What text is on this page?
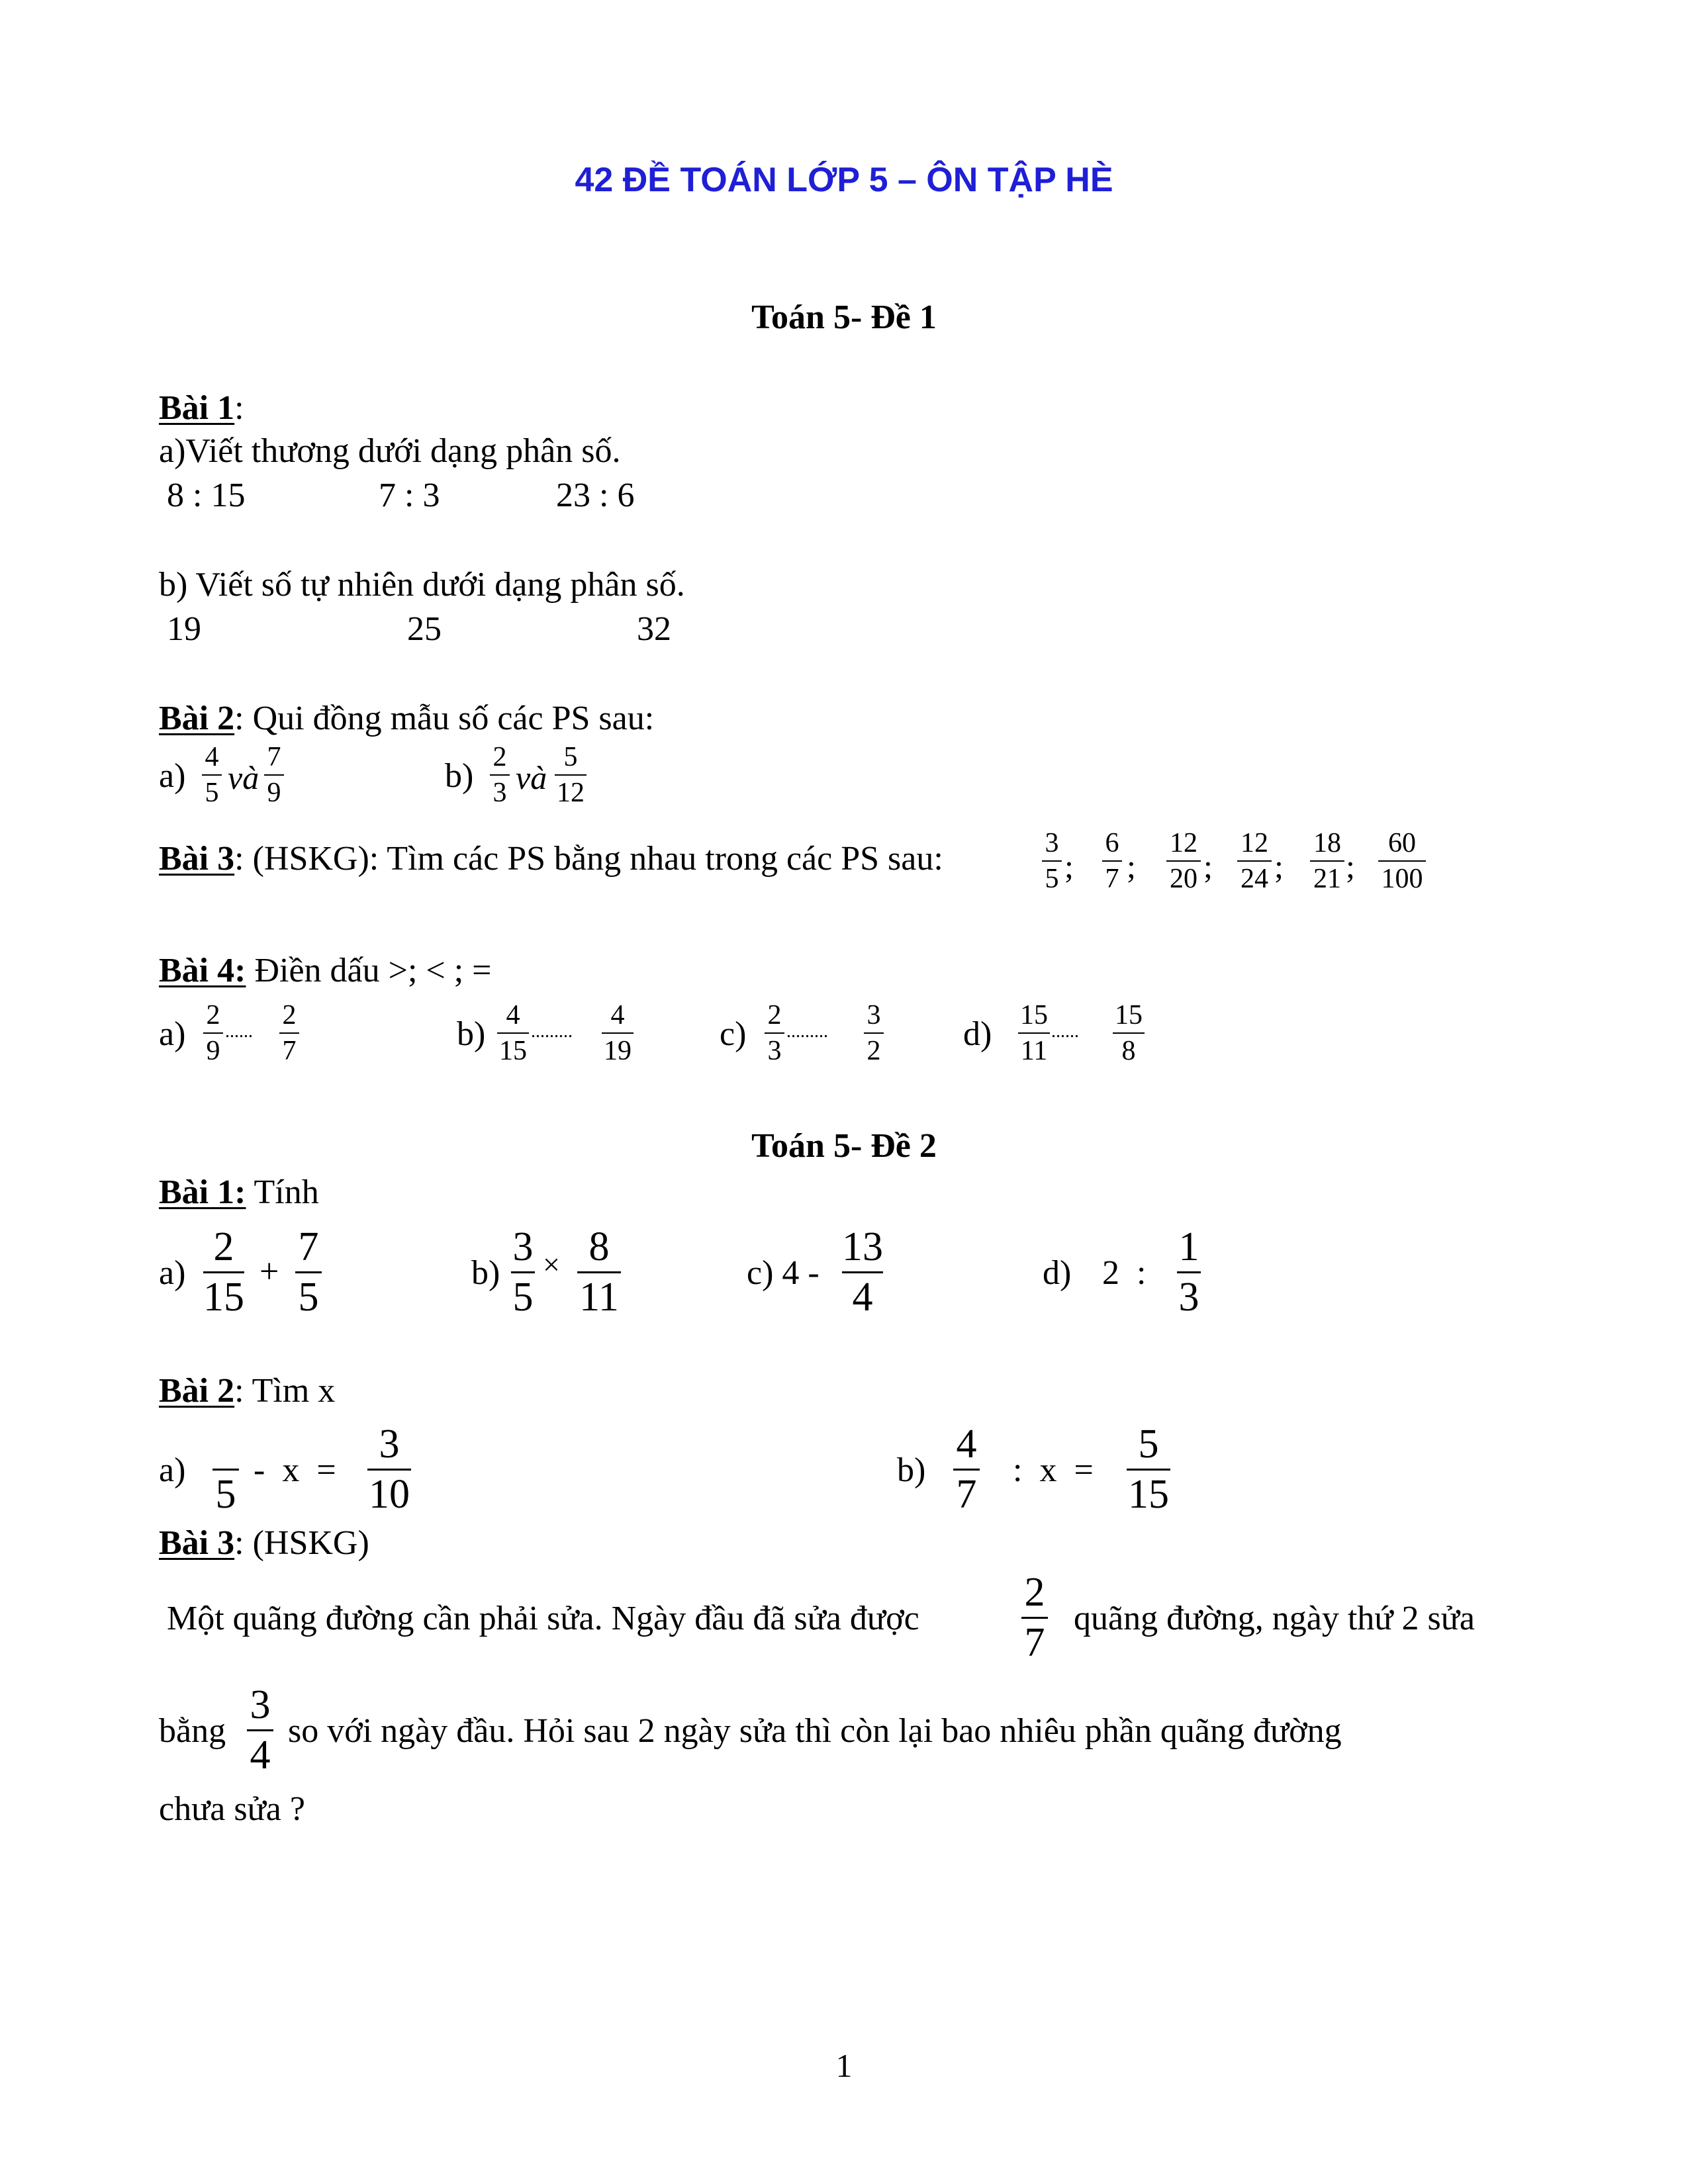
42 ĐỀ TOÁN LỚP 5 – ÔN TẬP HÈ
Toán 5- Đề 1
Bài 1:
a)Viết thương dưới dạng phân số.
8 : 15	7 : 3	23 : 6
b) Viết số tự nhiên dưới dạng phân số.
19	25	32
Bài 2: Qui đồng mẫu số các PS sau:
a) 4
5 và
7
9	b) 2
3 và
5
12
Bài 3: (HSKG): Tìm các PS bằng nhau trong các PS sau:	3
5 ;
6
7 ;
12
20 ;
12
24 ;
18
21 ;
60
100
Bài 4: Điền dấu >; < ; =
a) 2
9
......
2
7	b) 4
15
.........
4
19	c) 2
3
.........
3
2 d) 15
11
......
15
8
Toán 5- Đề 2
Bài 1: Tính
a)
2
15
+
7
5
b)
3
5
× 8
11
c) 4 -
13
4
d) 2  :
1
3
Bài 2: Tìm x
a)
5
-  x  =
3
10
b)
4
7
:  x  =
5
15
Bài 3: (HSKG)
Một quãng đường cần phải sửa. Ngày đầu đã sửa được
2
7
quãng đường, ngày thứ 2 sửa
bằng
3
4
so với ngày đầu. Hỏi sau 2 ngày sửa thì còn lại bao nhiêu phần quãng đường
chưa sửa ?
1
